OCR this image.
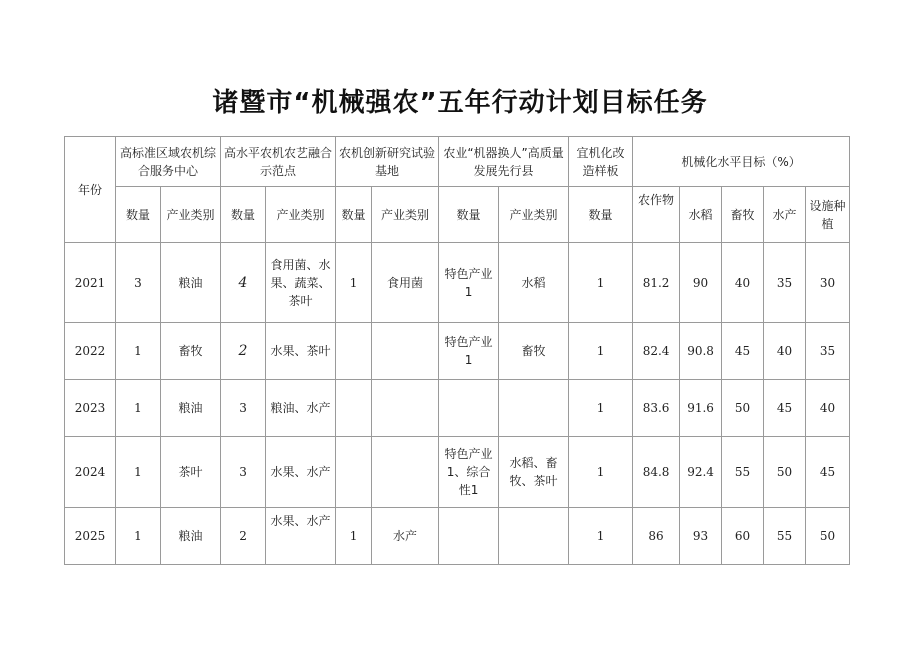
诸暨市“机械强农”五年行动计划目标任务
年份	高标准区域农机综合服务中心		高水平农机农艺融合示范点		农机创新研究试验基地		农业“机器换人”高质量发展先行县		宜机化改造样板	机械化水平目标（%）				
	数量	产业类别	数量	产业类别	数量	产业类别	数量	产业类别	数量	农作物	水稻	畜牧	水产	设施种植
2021	3	粮油	4	食用菌、水果、蔬菜、茶叶	1	食用菌	特色产业1	水稻	1	81.2	90	40	35	30
2022	1	畜牧	2	水果、茶叶			特色产业1	畜牧	1	82.4	90.8	45	40	35
2023	1	粮油	3	粮油、水产					1	83.6	91.6	50	45	40
2024	1	茶叶	3	水果、水产			特色产业1、综合性1	水稻、畜牧、茶叶	1	84.8	92.4	55	50	45
2025	1	粮油	2	水果、水产	1	水产			1	86	93	60	55	50
